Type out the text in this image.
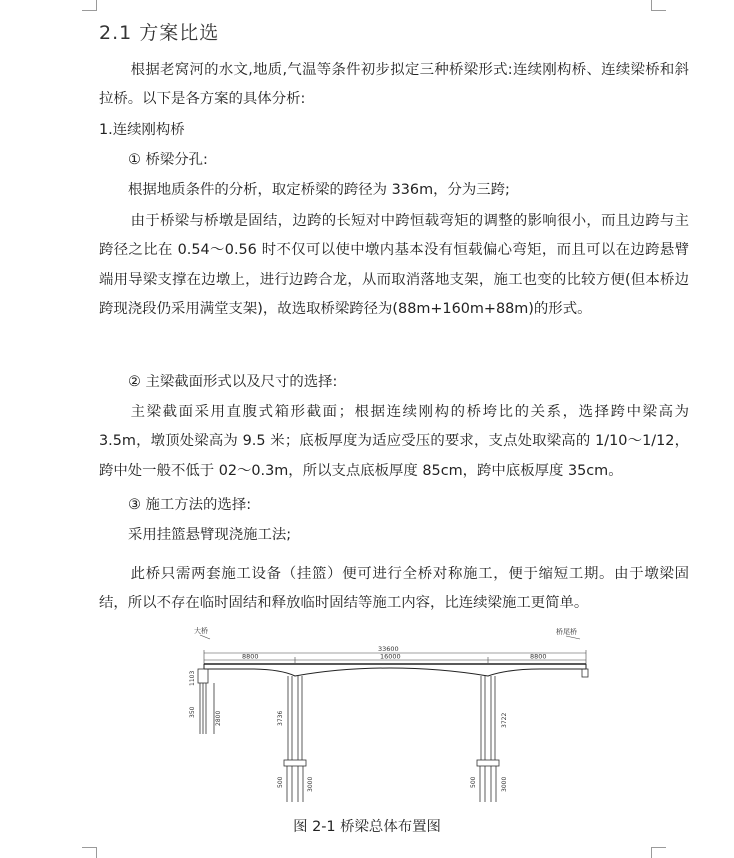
2.1 方案比选
根据老窝河的水文,地质,气温等条件初步拟定三种桥梁形式:连续刚构桥、连续梁桥和斜拉桥。以下是各方案的具体分析:
1.连续刚构桥
① 桥梁分孔:
根据地质条件的分析，取定桥梁的跨径为 336m，分为三跨;
由于桥梁与桥墩是固结，边跨的长短对中跨恒载弯矩的调整的影响很小，而且边跨与主跨径之比在 0.54～0.56 时不仅可以使中墩内基本没有恒载偏心弯矩，而且可以在边跨悬臂端用导梁支撑在边墩上，进行边跨合龙，从而取消落地支架，施工也变的比较方便(但本桥边跨现浇段仍采用满堂支架)，故选取桥梁跨径为(88m+160m+88m)的形式。
② 主梁截面形式以及尺寸的选择:
主梁截面采用直腹式箱形截面；根据连续刚构的桥垮比的关系，选择跨中梁高为 3.5m，墩顶处梁高为 9.5 米；底板厚度为适应受压的要求，支点处取梁高的 1/10～1/12，跨中处一般不低于 02～0.3m，所以支点底板厚度 85cm，跨中底板厚度 35cm。
③ 施工方法的选择:
采用挂篮悬臂现浇施工法;
此桥只需两套施工设备（挂篮）便可进行全桥对称施工，便于缩短工期。由于墩梁固结，所以不存在临时固结和释放临时固结等施工内容，比连续梁施工更简单。
大桥	桥尾桥
33600
16000
8800	8800
1103
350	2800	3736
500	3000
3722
500	3000
图 2-1 桥梁总体布置图
